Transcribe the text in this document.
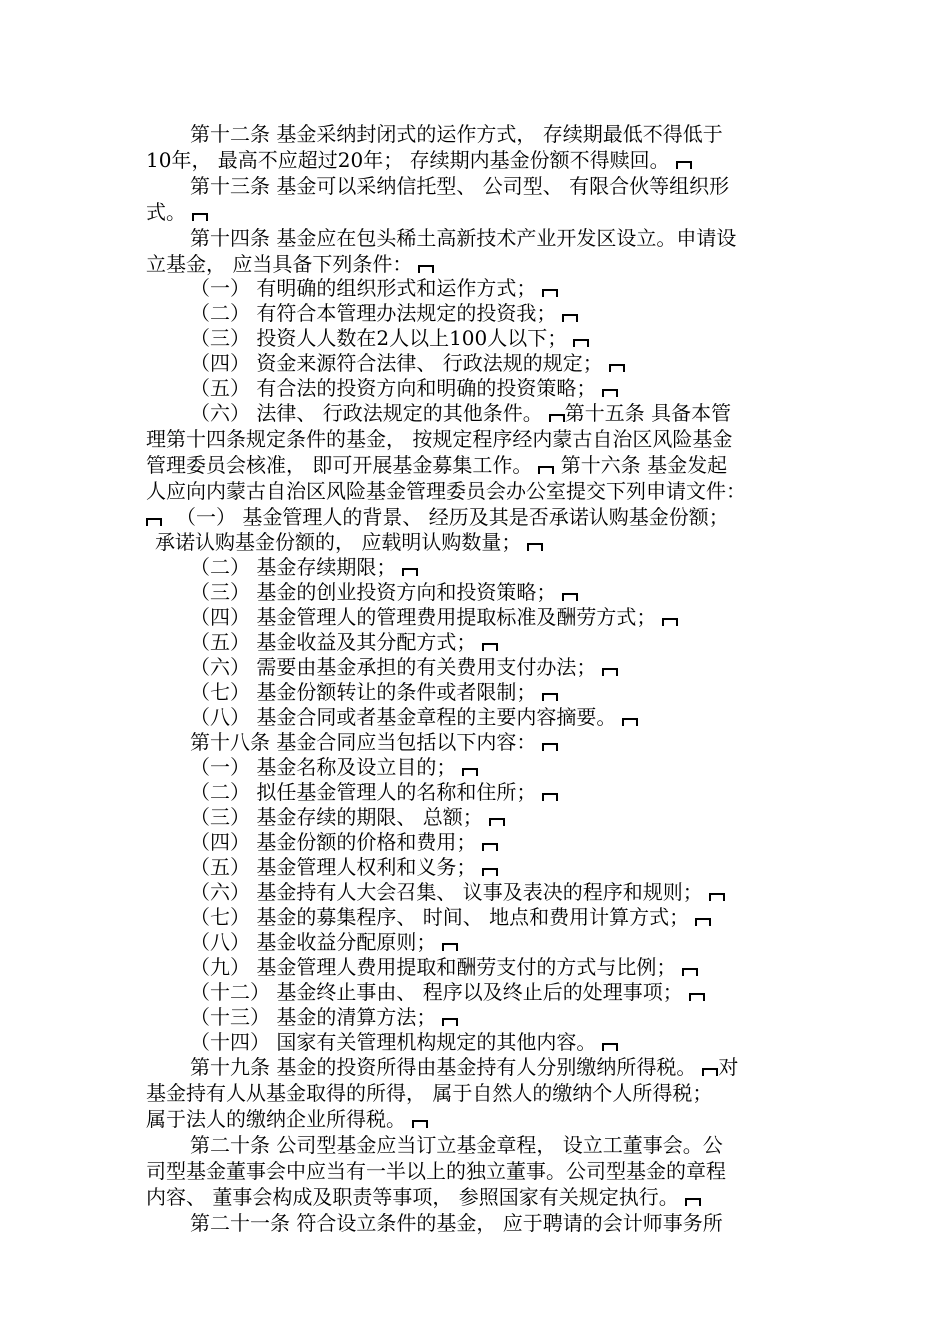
第十二条 基金采纳封闭式的运作方式， 存续期最低不得低于
10年， 最高不应超过20年； 存续期内基金份额不得赎回。
第十三条 基金可以采纳信托型、 公司型、 有限合伙等组织形
式。
第十四条 基金应在包头稀土高新技术产业开发区设立。申请设
立基金， 应当具备下列条件：
（一） 有明确的组织形式和运作方式；
（二） 有符合本管理办法规定的投资我；
（三） 投资人人数在2人以上100人以下；
（四） 资金来源符合法律、 行政法规的规定；
（五） 有合法的投资方向和明确的投资策略；
（六） 法律、 行政法规定的其他条件。 第十五条 具备本管
理第十四条规定条件的基金， 按规定程序经内蒙古自治区风险基金
管理委员会核准， 即可开展基金募集工作。 第十六条 基金发起
人应向内蒙古自治区风险基金管理委员会办公室提交下列申请文件：
（一） 基金管理人的背景、 经历及其是否承诺认购基金份额；
承诺认购基金份额的， 应载明认购数量；
（二） 基金存续期限；
（三） 基金的创业投资方向和投资策略；
（四） 基金管理人的管理费用提取标准及酬劳方式；
（五） 基金收益及其分配方式；
（六） 需要由基金承担的有关费用支付办法；
（七） 基金份额转让的条件或者限制；
（八） 基金合同或者基金章程的主要内容摘要。
第十八条 基金合同应当包括以下内容：
（一） 基金名称及设立目的；
（二） 拟任基金管理人的名称和住所；
（三） 基金存续的期限、 总额；
（四） 基金份额的价格和费用；
（五） 基金管理人权利和义务；
（六） 基金持有人大会召集、 议事及表决的程序和规则；
（七） 基金的募集程序、 时间、 地点和费用计算方式；
（八） 基金收益分配原则；
（九） 基金管理人费用提取和酬劳支付的方式与比例；
（十二） 基金终止事由、 程序以及终止后的处理事项；
（十三） 基金的清算方法；
（十四） 国家有关管理机构规定的其他内容。
第十九条 基金的投资所得由基金持有人分别缴纳所得税。 对
基金持有人从基金取得的所得， 属于自然人的缴纳个人所得税；
属于法人的缴纳企业所得税。
第二十条 公司型基金应当订立基金章程， 设立工董事会。公
司型基金董事会中应当有一半以上的独立董事。公司型基金的章程
内容、 董事会构成及职责等事项， 参照国家有关规定执行。
第二十一条 符合设立条件的基金， 应于聘请的会计师事务所
